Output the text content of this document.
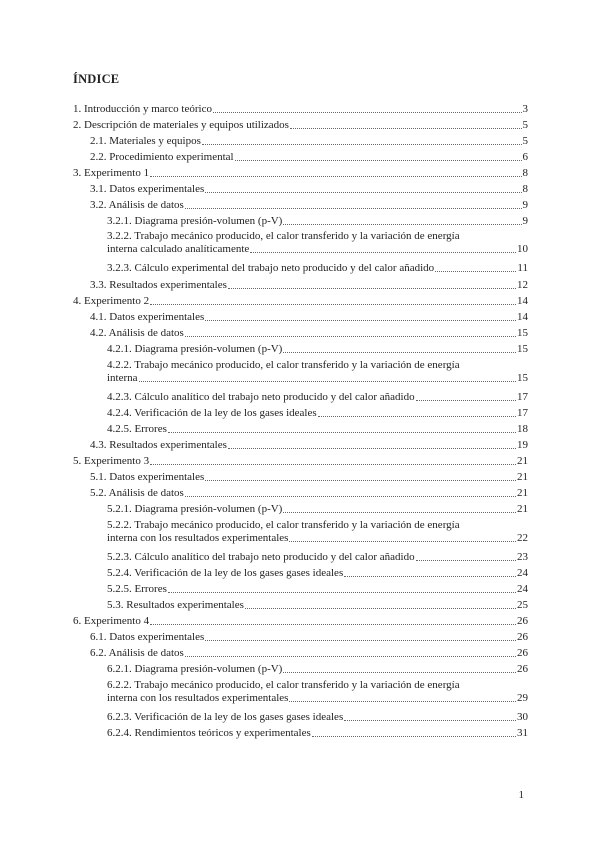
ÍNDICE
1. Introducción y marco teórico	3
2. Descripción de materiales y equipos utilizados	5
2.1. Materiales y equipos	5
2.2. Procedimiento experimental	6
3. Experimento 1	8
3.1. Datos experimentales	8
3.2. Análisis de datos	9
3.2.1. Diagrama presión-volumen (p-V)	9
3.2.2. Trabajo mecánico producido, el calor transferido y la variación de energía
interna calculado analíticamente	10
3.2.3. Cálculo experimental del trabajo neto producido y del calor añadido	11
3.3. Resultados experimentales	12
4. Experimento 2	14
4.1. Datos experimentales	14
4.2. Análisis de datos	15
4.2.1. Diagrama presión-volumen (p-V)	15
4.2.2. Trabajo mecánico producido, el calor transferido y la variación de energía
interna	15
4.2.3. Cálculo analítico del trabajo neto producido y del calor añadido	17
4.2.4. Verificación de la ley de los gases ideales	17
4.2.5. Errores	18
4.3. Resultados experimentales	19
5. Experimento 3	21
5.1. Datos experimentales	21
5.2. Análisis de datos	21
5.2.1. Diagrama presión-volumen (p-V)	21
5.2.2. Trabajo mecánico producido, el calor transferido y la variación de energía
interna con los resultados experimentales	22
5.2.3. Cálculo analítico del trabajo neto producido y del calor añadido	23
5.2.4. Verificación de la ley de los gases gases ideales	24
5.2.5. Errores	24
5.3. Resultados experimentales	25
6. Experimento 4	26
6.1. Datos experimentales	26
6.2. Análisis de datos	26
6.2.1. Diagrama presión-volumen (p-V)	26
6.2.2. Trabajo mecánico producido, el calor transferido y la variación de energía
interna con los resultados experimentales	29
6.2.3. Verificación de la ley de los gases gases ideales	30
6.2.4. Rendimientos teóricos y experimentales	31
1
